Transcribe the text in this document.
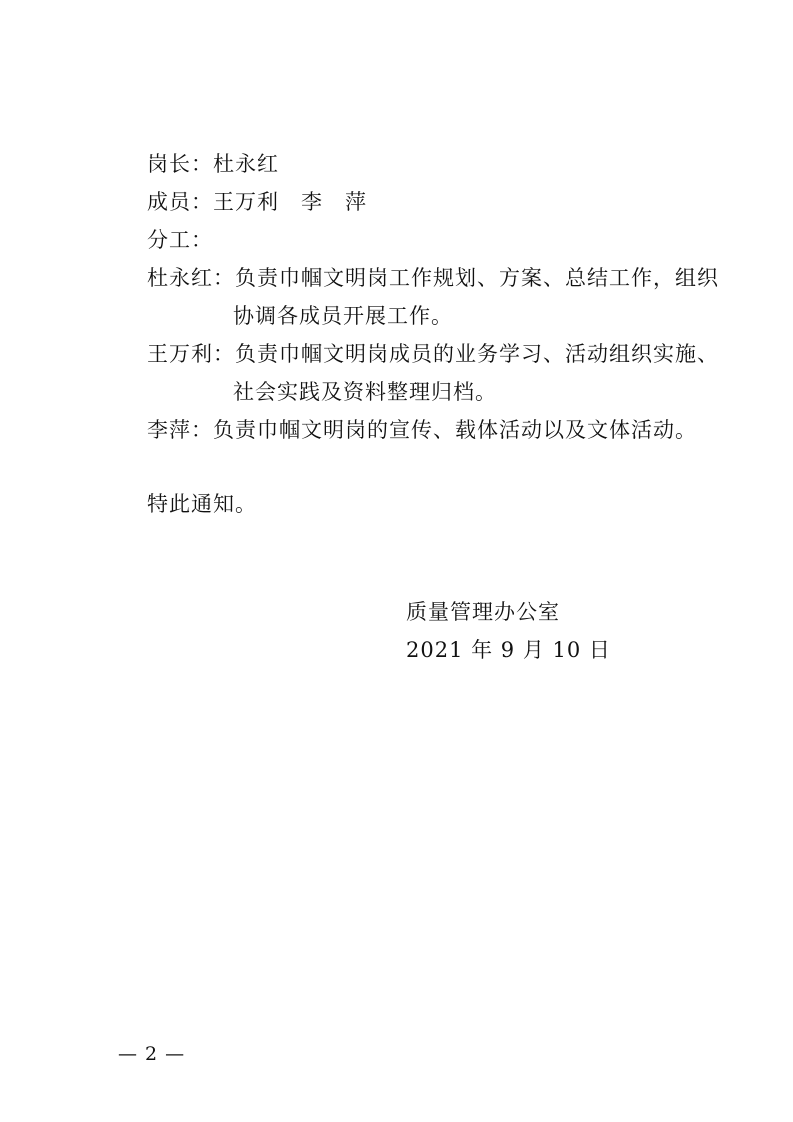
岗长：杜永红
成员：王万利 李 萍
分工：
杜永红：负责巾帼文明岗工作规划、方案、总结工作，组织
协调各成员开展工作。
王万利：负责巾帼文明岗成员的业务学习、活动组织实施、
社会实践及资料整理归档。
李萍：负责巾帼文明岗的宣传、载体活动以及文体活动。
特此通知。
质量管理办公室
2021 年 9 月 10 日
— 2 —
